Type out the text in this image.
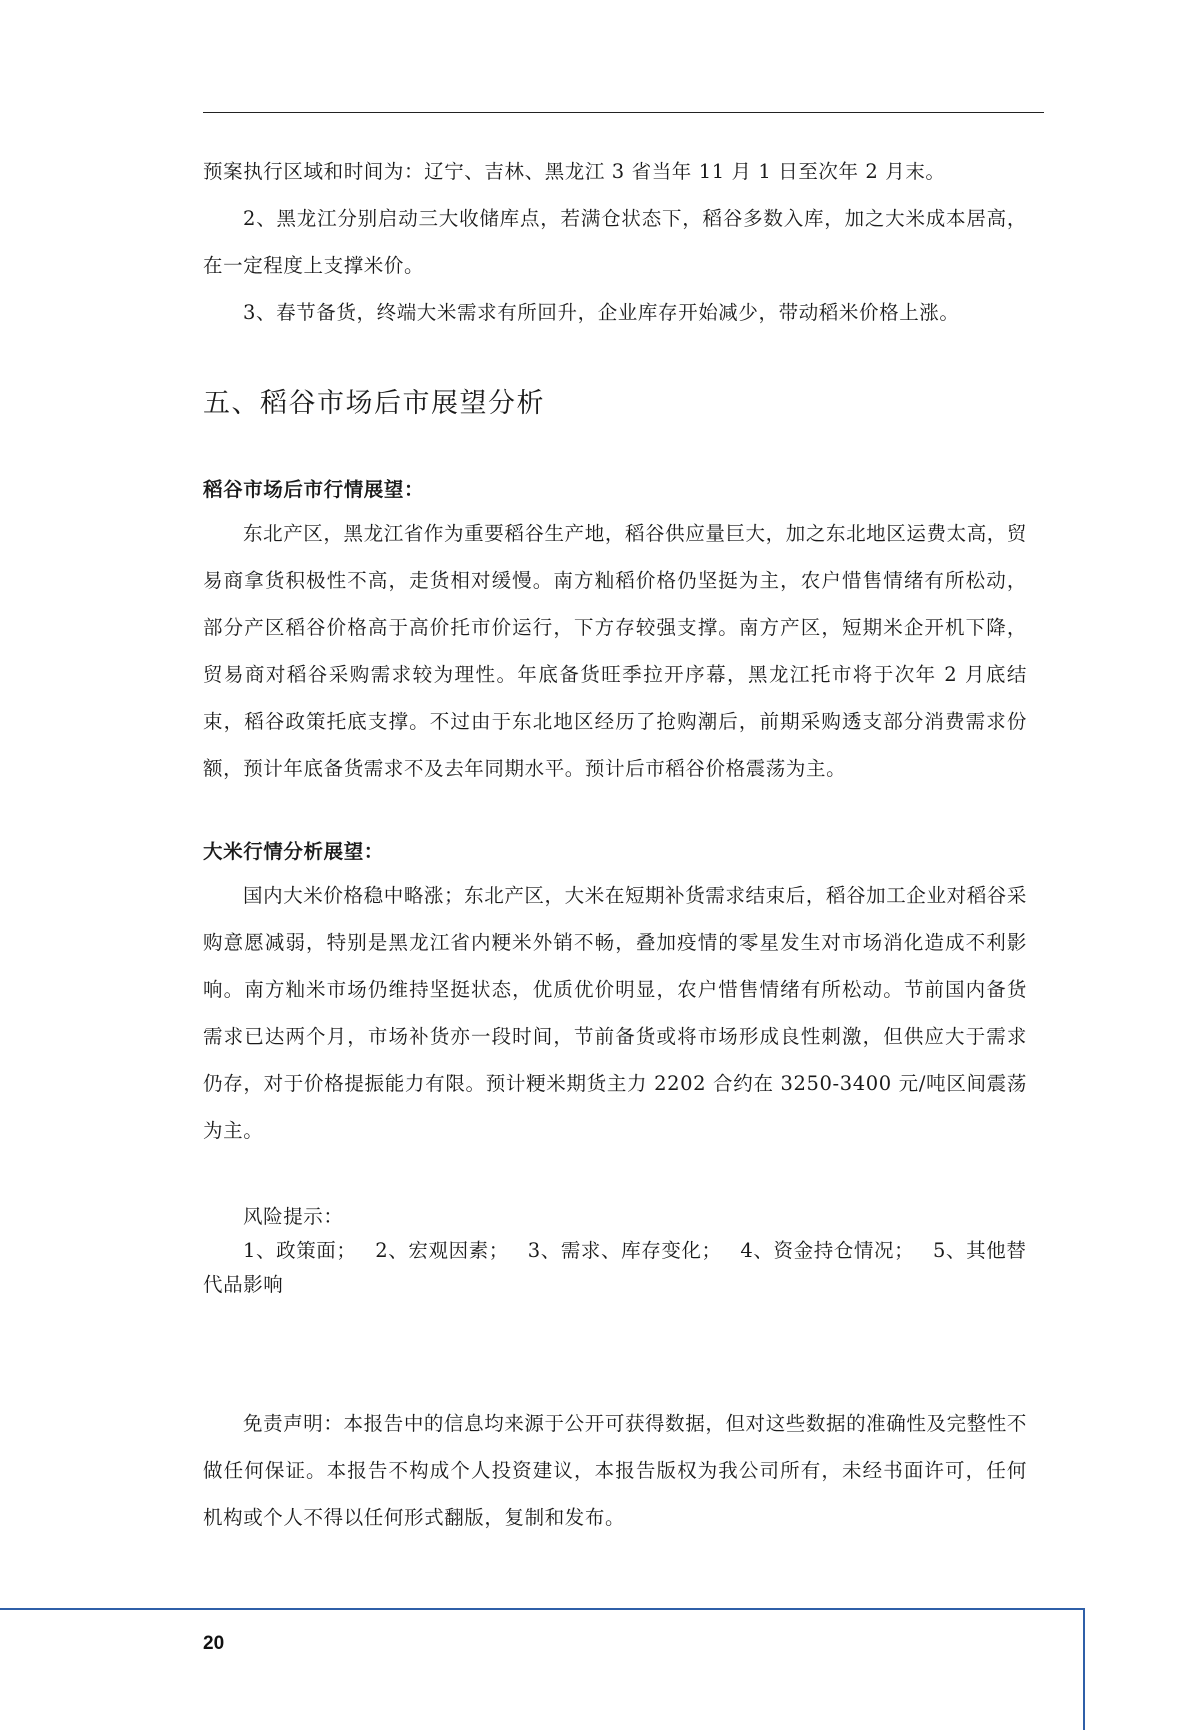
预案执行区域和时间为：辽宁、吉林、黑龙江 3 省当年 11 月 1 日至次年 2 月末。

2、黑龙江分别启动三大收储库点，若满仓状态下，稻谷多数入库，加之大米成本居高，在一定程度上支撑米价。

3、春节备货，终端大米需求有所回升，企业库存开始减少，带动稻米价格上涨。

五、稻谷市场后市展望分析

稻谷市场后市行情展望：

东北产区，黑龙江省作为重要稻谷生产地，稻谷供应量巨大，加之东北地区运费太高，贸易商拿货积极性不高，走货相对缓慢。南方籼稻价格仍坚挺为主，农户惜售情绪有所松动，部分产区稻谷价格高于高价托市价运行，下方存较强支撑。南方产区，短期米企开机下降，贸易商对稻谷采购需求较为理性。年底备货旺季拉开序幕，黑龙江托市将于次年 2 月底结束，稻谷政策托底支撑。不过由于东北地区经历了抢购潮后，前期采购透支部分消费需求份额，预计年底备货需求不及去年同期水平。预计后市稻谷价格震荡为主。

大米行情分析展望：

国内大米价格稳中略涨；东北产区，大米在短期补货需求结束后，稻谷加工企业对稻谷采购意愿减弱，特别是黑龙江省内粳米外销不畅，叠加疫情的零星发生对市场消化造成不利影响。南方籼米市场仍维持坚挺状态，优质优价明显，农户惜售情绪有所松动。节前国内备货需求已达两个月，市场补货亦一段时间，节前备货或将市场形成良性刺激，但供应大于需求仍存，对于价格提振能力有限。预计粳米期货主力 2202 合约在 3250-3400 元/吨区间震荡为主。

风险提示：

1、政策面； 2、宏观因素； 3、需求、库存变化； 4、资金持仓情况； 5、其他替代品影响

免责声明：本报告中的信息均来源于公开可获得数据，但对这些数据的准确性及完整性不做任何保证。本报告不构成个人投资建议，本报告版权为我公司所有，未经书面许可，任何机构或个人不得以任何形式翻版，复制和发布。

20
